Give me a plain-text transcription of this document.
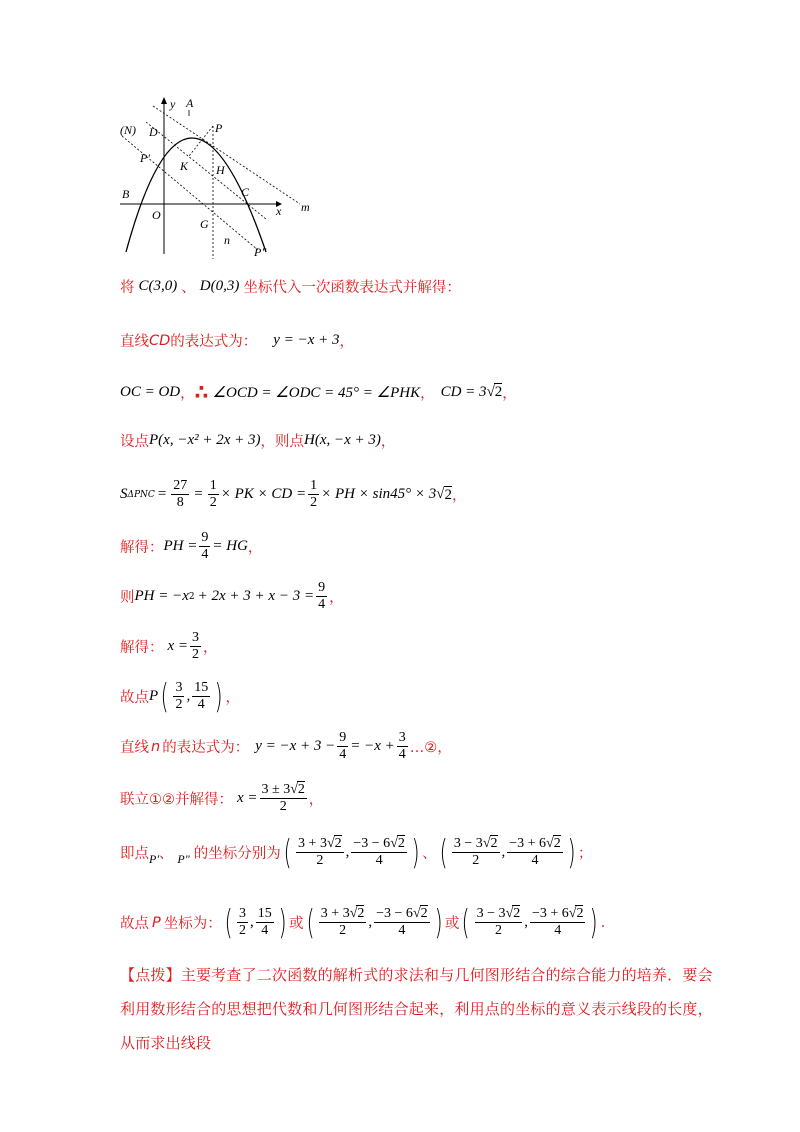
y A
(N) D	P
P'
K H
B	C
x m
O
G
n
P"
将 C(3,0) 、 D(0,3) 坐标代入一次函数表达式并解得：
直线 CD 的表达式为： y = −x + 3 ，
OC = OD ， ∴ ∠OCD = ∠ODC = 45° = ∠PHK ， CD = 3 √ 2 ，
设点 P(x, −x² + 2x + 3) ，则点 H(x, −x + 3) ，
S $\Delta PNC = \frac{27}{8} = \frac{1}{2}$ × PK × CD = $\frac{1}{2}$ × PH × sin45° × 3 √ 2 ，
解得： PH = $\frac{9}{4}$ = HG ，
则 PH = −x $2 + 2x + 3 + x - 3 = \frac{9}{4}$ ，
解得： $x = \frac{3}{2}$ ，
故点 P ( $\frac{3}{2}$ , $\frac{15}{4}$ ) ，
直线 n 的表达式为： $y = -x + 3 - \frac{9}{4} = -x + \frac{3}{4}$ …②，
联立①②并解得： $x = \frac{3 \pm 3√2}{2}$ ，
即点 P' 、 P" 的坐标分别为 ( $\frac{3 + 3√2}{2}$ , $\frac{-3 - 6√2}{4}$ ) 、 ( $\frac{3 - 3√2}{2}$ , $\frac{-3 + 6√2}{4}$ ) ；
故点 P 坐标为： ( $\frac{3}{2}$ , $\frac{15}{4}$ ) 或 ( $\frac{3 + 3√2}{2}$ , $\frac{-3 - 6√2}{4}$ ) 或 ( $\frac{3 - 3√2}{2}$ , $\frac{-3 + 6√2}{4}$ ) .
【点拨】主要考查了二次函数的解析式的求法和与几何图形结合的综合能力的培养．要会利用数形结合的思想把代数和几何图形结合起来，利用点的坐标的意义表示线段的长度，从而求出线段
